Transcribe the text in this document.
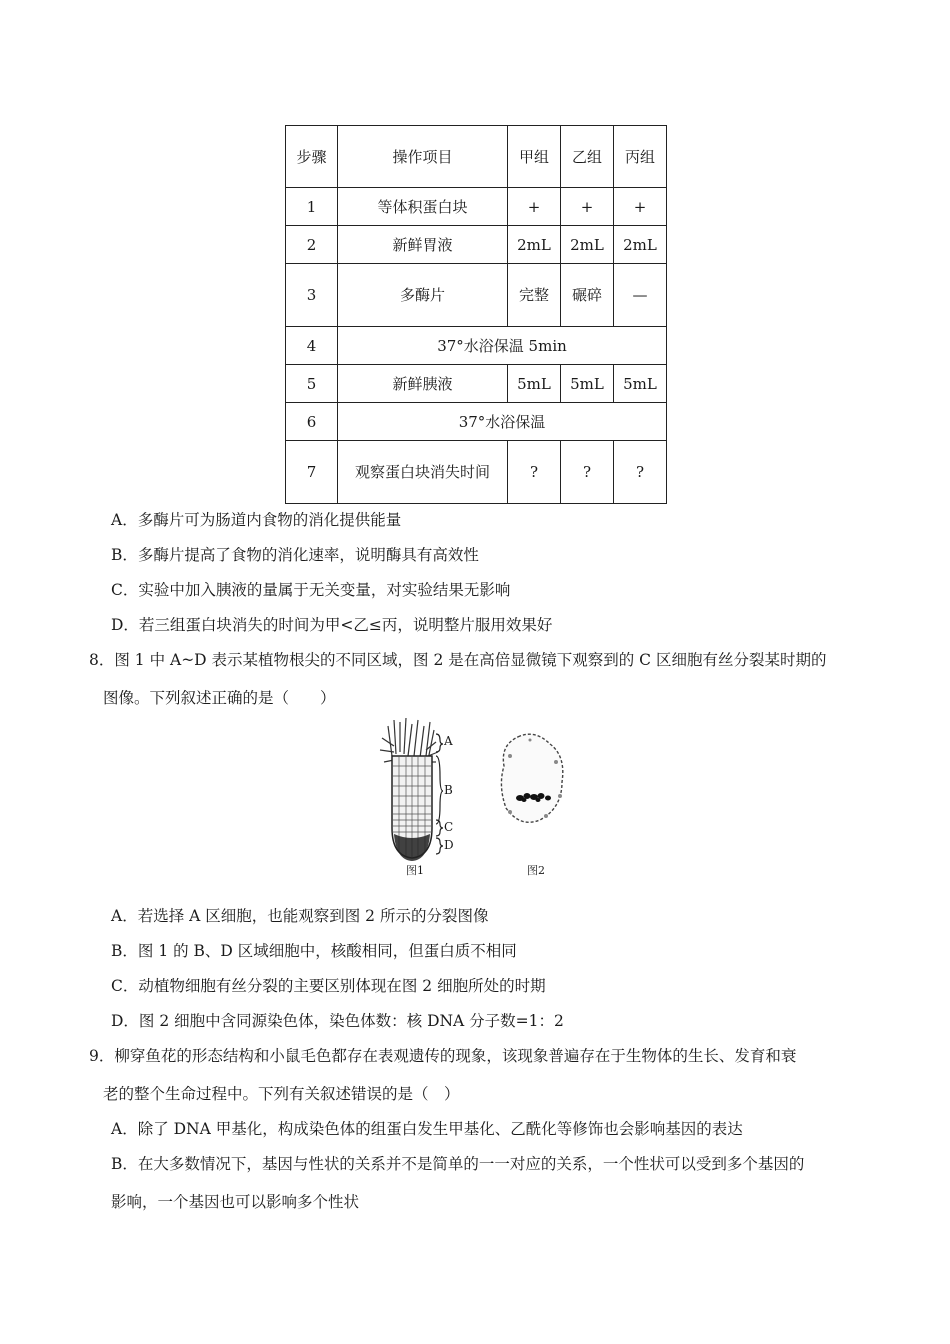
步骤	操作项目	甲组	乙组	丙组
1	等体积蛋白块	+	+	+
2	新鲜胃液	2mL	2mL	2mL
3	多酶片	完整	碾碎	—
4	37°水浴保温 5min			
5	新鲜胰液	5mL	5mL	5mL
6	37°水浴保温			
7	观察蛋白块消失时间	?	?	?
A．多酶片可为肠道内食物的消化提供能量
B．多酶片提高了食物的消化速率，说明酶具有高效性
C．实验中加入胰液的量属于无关变量，对实验结果无影响
D．若三组蛋白块消失的时间为甲<乙≤丙，说明整片服用效果好
8．图 1 中 A~D 表示某植物根尖的不同区域，图 2 是在高倍显微镜下观察到的 C 区细胞有丝分裂某时期的
图像。下列叙述正确的是（　　）
A
B
C
D
图1	图2
A．若选择 A 区细胞，也能观察到图 2 所示的分裂图像
B．图 1 的 B、D 区域细胞中，核酸相同，但蛋白质不相同
C．动植物细胞有丝分裂的主要区别体现在图 2 细胞所处的时期
D．图 2 细胞中含同源染色体，染色体数：核 DNA 分子数=1：2
9．柳穿鱼花的形态结构和小鼠毛色都存在表观遗传的现象，该现象普遍存在于生物体的生长、发育和衰
老的整个生命过程中。下列有关叙述错误的是（　）
A．除了 DNA 甲基化，构成染色体的组蛋白发生甲基化、乙酰化等修饰也会影响基因的表达
B．在大多数情况下，基因与性状的关系并不是简单的一一对应的关系，一个性状可以受到多个基因的
影响，一个基因也可以影响多个性状
